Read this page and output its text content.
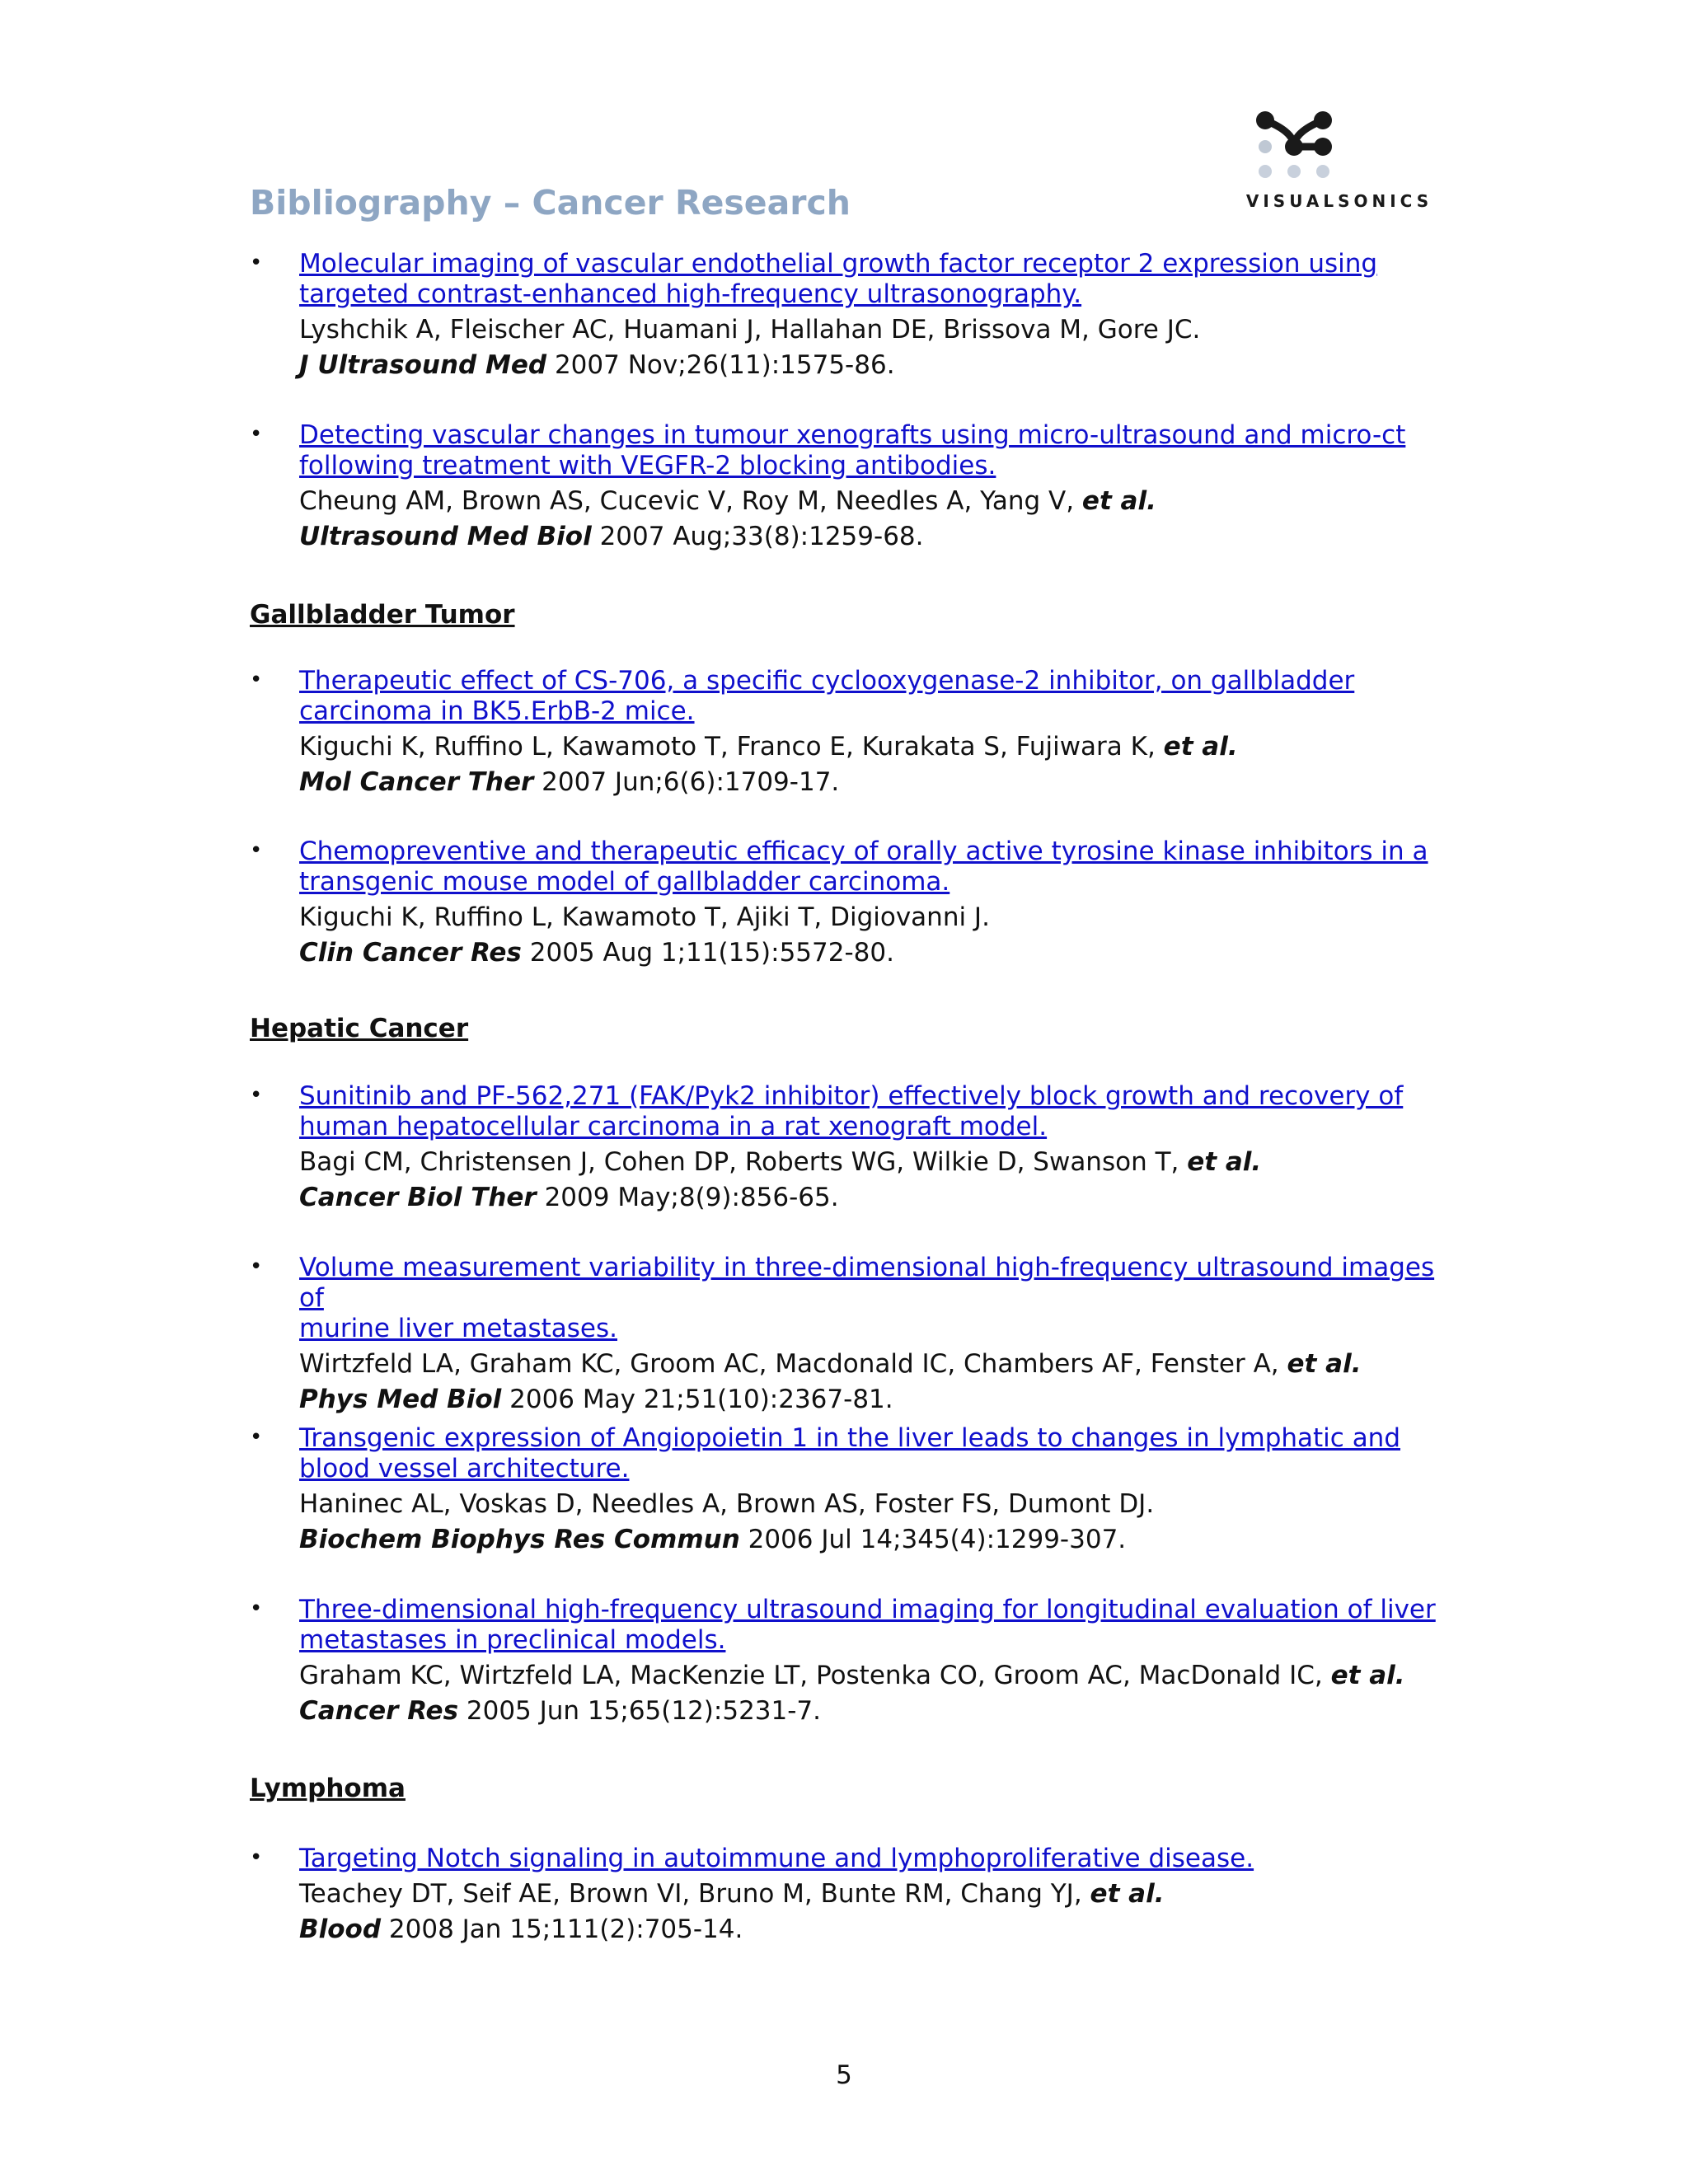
VISUALSONICS
Bibliography – Cancer Research
• Molecular imaging of vascular endothelial growth factor receptor 2 expression using
targeted contrast-enhanced high-frequency ultrasonography.
Lyshchik A, Fleischer AC, Huamani J, Hallahan DE, Brissova M, Gore JC.
J Ultrasound Med 2007 Nov;26(11):1575-86.
• Detecting vascular changes in tumour xenografts using micro-ultrasound and micro-ct
following treatment with VEGFR-2 blocking antibodies.
Cheung AM, Brown AS, Cucevic V, Roy M, Needles A, Yang V, et al.
Ultrasound Med Biol 2007 Aug;33(8):1259-68.
Gallbladder Tumor
• Therapeutic effect of CS-706, a specific cyclooxygenase-2 inhibitor, on gallbladder
carcinoma in BK5.ErbB-2 mice.
Kiguchi K, Ruffino L, Kawamoto T, Franco E, Kurakata S, Fujiwara K, et al.
Mol Cancer Ther 2007 Jun;6(6):1709-17.
• Chemopreventive and therapeutic efficacy of orally active tyrosine kinase inhibitors in a
transgenic mouse model of gallbladder carcinoma.
Kiguchi K, Ruffino L, Kawamoto T, Ajiki T, Digiovanni J.
Clin Cancer Res 2005 Aug 1;11(15):5572-80.
Hepatic Cancer
• Sunitinib and PF-562,271 (FAK/Pyk2 inhibitor) effectively block growth and recovery of
human hepatocellular carcinoma in a rat xenograft model.
Bagi CM, Christensen J, Cohen DP, Roberts WG, Wilkie D, Swanson T, et al.
Cancer Biol Ther 2009 May;8(9):856-65.
• Volume measurement variability in three-dimensional high-frequency ultrasound images of
murine liver metastases.
Wirtzfeld LA, Graham KC, Groom AC, Macdonald IC, Chambers AF, Fenster A, et al.
Phys Med Biol 2006 May 21;51(10):2367-81.
• Transgenic expression of Angiopoietin 1 in the liver leads to changes in lymphatic and
blood vessel architecture.
Haninec AL, Voskas D, Needles A, Brown AS, Foster FS, Dumont DJ.
Biochem Biophys Res Commun 2006 Jul 14;345(4):1299-307.
• Three-dimensional high-frequency ultrasound imaging for longitudinal evaluation of liver
metastases in preclinical models.
Graham KC, Wirtzfeld LA, MacKenzie LT, Postenka CO, Groom AC, MacDonald IC, et al.
Cancer Res 2005 Jun 15;65(12):5231-7.
Lymphoma
• Targeting Notch signaling in autoimmune and lymphoproliferative disease.
Teachey DT, Seif AE, Brown VI, Bruno M, Bunte RM, Chang YJ, et al.
Blood 2008 Jan 15;111(2):705-14.
5
